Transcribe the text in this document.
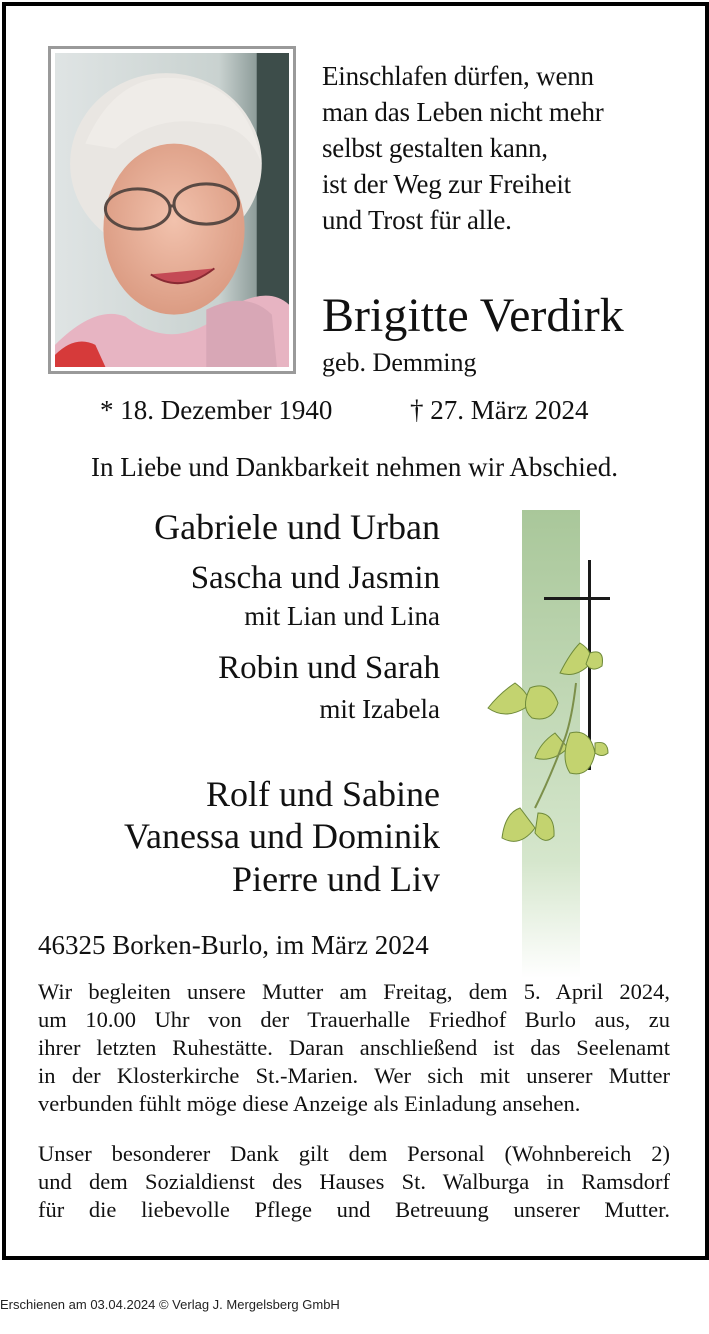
Einschlafen dürfen, wenn
man das Leben nicht mehr
selbst gestalten kann,
ist der Weg zur Freiheit
und Trost für alle.
Brigitte Verdirk
geb. Demming
* 18. Dezember 1940	† 27. März 2024
In Liebe und Dankbarkeit nehmen wir Abschied.
Gabriele und Urban
Sascha und Jasmin
mit Lian und Lina
Robin und Sarah
mit Izabela
Rolf und Sabine
Vanessa und Dominik
Pierre und Liv
46325 Borken-Burlo, im März 2024
Wir begleiten unsere Mutter am Freitag, dem 5. April 2024,
um 10.00 Uhr von der Trauerhalle Friedhof Burlo aus, zu
ihrer letzten Ruhestätte. Daran anschließend ist das Seelenamt
in der Klosterkirche St.-Marien. Wer sich mit unserer Mutter
verbunden fühlt möge diese Anzeige als Einladung ansehen.
Unser besonderer Dank gilt dem Personal (Wohnbereich 2)
und dem Sozialdienst des Hauses St. Walburga in Ramsdorf
für die liebevolle Pflege und Betreuung unserer Mutter.
Erschienen am 03.04.2024 © Verlag J. Mergelsberg GmbH
